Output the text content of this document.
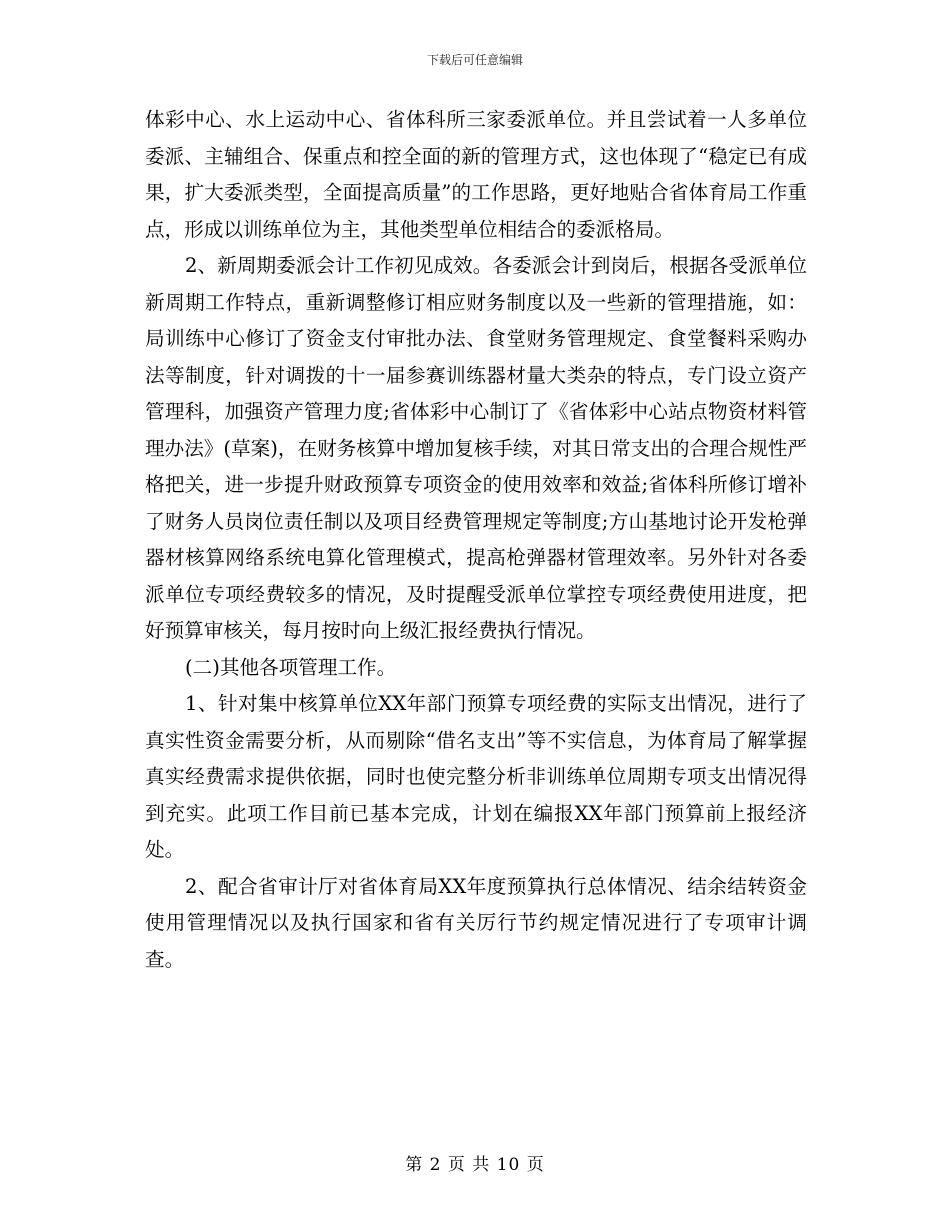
下载后可任意编辑

体彩中心、水上运动中心、省体科所三家委派单位。并且尝试着一人多单位委派、主辅组合、保重点和控全面的新的管理方式，这也体现了“稳定已有成果，扩大委派类型，全面提高质量”的工作思路，更好地贴合省体育局工作重点，形成以训练单位为主，其他类型单位相结合的委派格局。

2、新周期委派会计工作初见成效。各委派会计到岗后，根据各受派单位新周期工作特点，重新调整修订相应财务制度以及一些新的管理措施，如：局训练中心修订了资金支付审批办法、食堂财务管理规定、食堂餐料采购办法等制度，针对调拨的十一届参赛训练器材量大类杂的特点，专门设立资产管理科，加强资产管理力度;省体彩中心制订了《省体彩中心站点物资材料管理办法》(草案)，在财务核算中增加复核手续，对其日常支出的合理合规性严格把关，进一步提升财政预算专项资金的使用效率和效益;省体科所修订增补了财务人员岗位责任制以及项目经费管理规定等制度;方山基地讨论开发枪弹器材核算网络系统电算化管理模式，提高枪弹器材管理效率。另外针对各委派单位专项经费较多的情况，及时提醒受派单位掌控专项经费使用进度，把好预算审核关，每月按时向上级汇报经费执行情况。

(二)其他各项管理工作。

1、针对集中核算单位XX年部门预算专项经费的实际支出情况，进行了真实性资金需要分析，从而剔除“借名支出”等不实信息，为体育局了解掌握真实经费需求提供依据，同时也使完整分析非训练单位周期专项支出情况得到充实。此项工作目前已基本完成，计划在编报XX年部门预算前上报经济处。

2、配合省审计厅对省体育局XX年度预算执行总体情况、结余结转资金使用管理情况以及执行国家和省有关厉行节约规定情况进行了专项审计调查。

第 2 页 共 10 页
